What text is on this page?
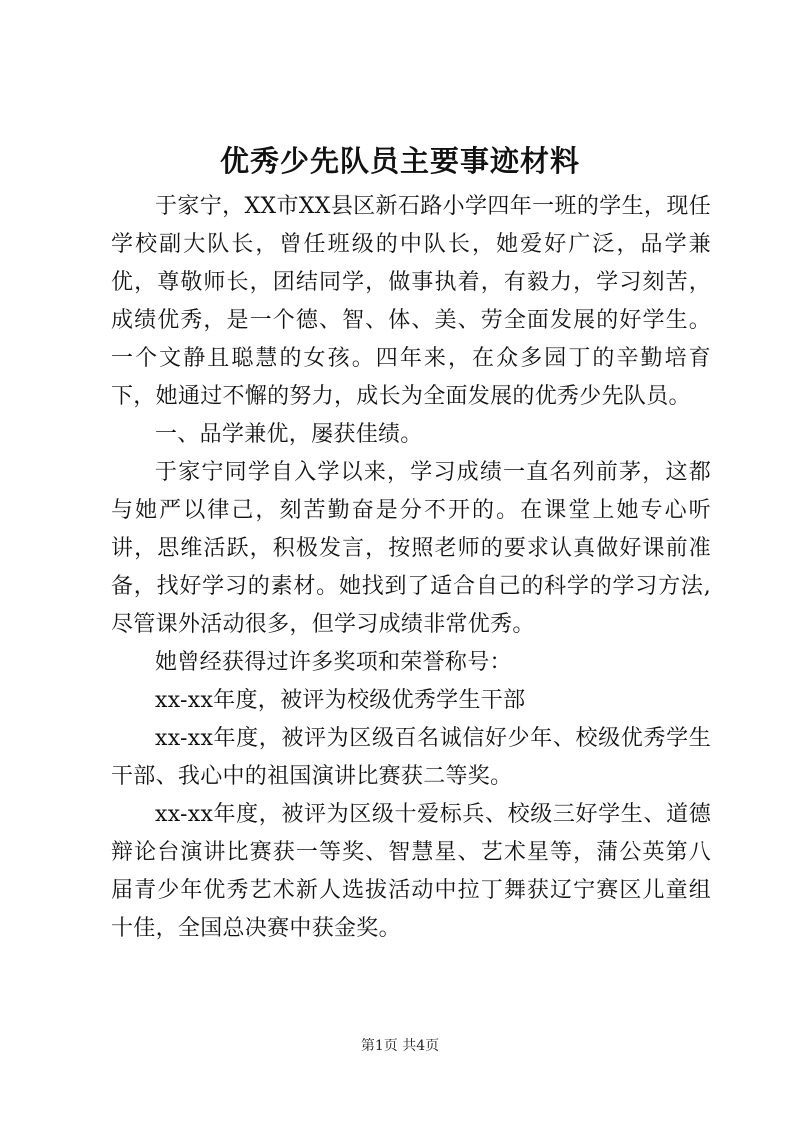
优秀少先队员主要事迹材料

于家宁，XX市XX县区新石路小学四年一班的学生，现任学校副大队长，曾任班级的中队长，她爱好广泛，品学兼优，尊敬师长，团结同学，做事执着，有毅力，学习刻苦，成绩优秀，是一个德、智、体、美、劳全面发展的好学生。一个文静且聪慧的女孩。四年来，在众多园丁的辛勤培育下，她通过不懈的努力，成长为全面发展的优秀少先队员。

一、品学兼优，屡获佳绩。

于家宁同学自入学以来，学习成绩一直名列前茅，这都与她严以律己，刻苦勤奋是分不开的。在课堂上她专心听讲，思维活跃，积极发言，按照老师的要求认真做好课前准备，找好学习的素材。她找到了适合自己的科学的学习方法,尽管课外活动很多，但学习成绩非常优秀。

她曾经获得过许多奖项和荣誉称号：

xx-xx年度，被评为校级优秀学生干部

xx-xx年度，被评为区级百名诚信好少年、校级优秀学生干部、我心中的祖国演讲比赛获二等奖。

xx-xx年度，被评为区级十爱标兵、校级三好学生、道德辩论台演讲比赛获一等奖、智慧星、艺术星等，蒲公英第八届青少年优秀艺术新人选拔活动中拉丁舞获辽宁赛区儿童组十佳，全国总决赛中获金奖。

第1页 共4页
